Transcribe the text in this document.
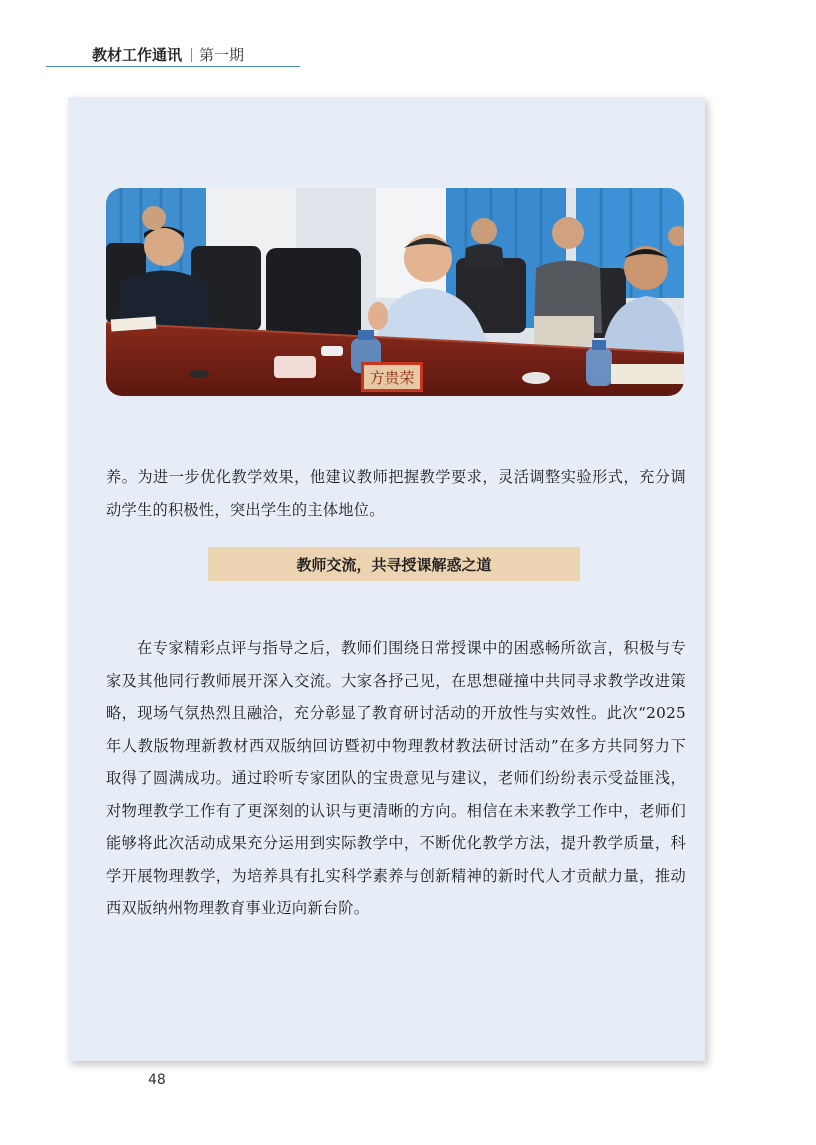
教材工作通讯 第一期
方贵荣

养。为进一步优化教学效果，他建议教师把握教学要求，灵活调整实验形式，充分调动学生的积极性，突出学生的主体地位。

教师交流，共寻授课解惑之道

在专家精彩点评与指导之后，教师们围绕日常授课中的困惑畅所欲言，积极与专家及其他同行教师展开深入交流。大家各抒己见，在思想碰撞中共同寻求教学改进策略，现场气氛热烈且融洽，充分彰显了教育研讨活动的开放性与实效性。此次“2025 年人教版物理新教材西双版纳回访暨初中物理教材教法研讨活动”在多方共同努力下取得了圆满成功。通过聆听专家团队的宝贵意见与建议，老师们纷纷表示受益匪浅，对物理教学工作有了更深刻的认识与更清晰的方向。相信在未来教学工作中，老师们能够将此次活动成果充分运用到实际教学中，不断优化教学方法，提升教学质量，科学开展物理教学，为培养具有扎实科学素养与创新精神的新时代人才贡献力量，推动西双版纳州物理教育事业迈向新台阶。

48
